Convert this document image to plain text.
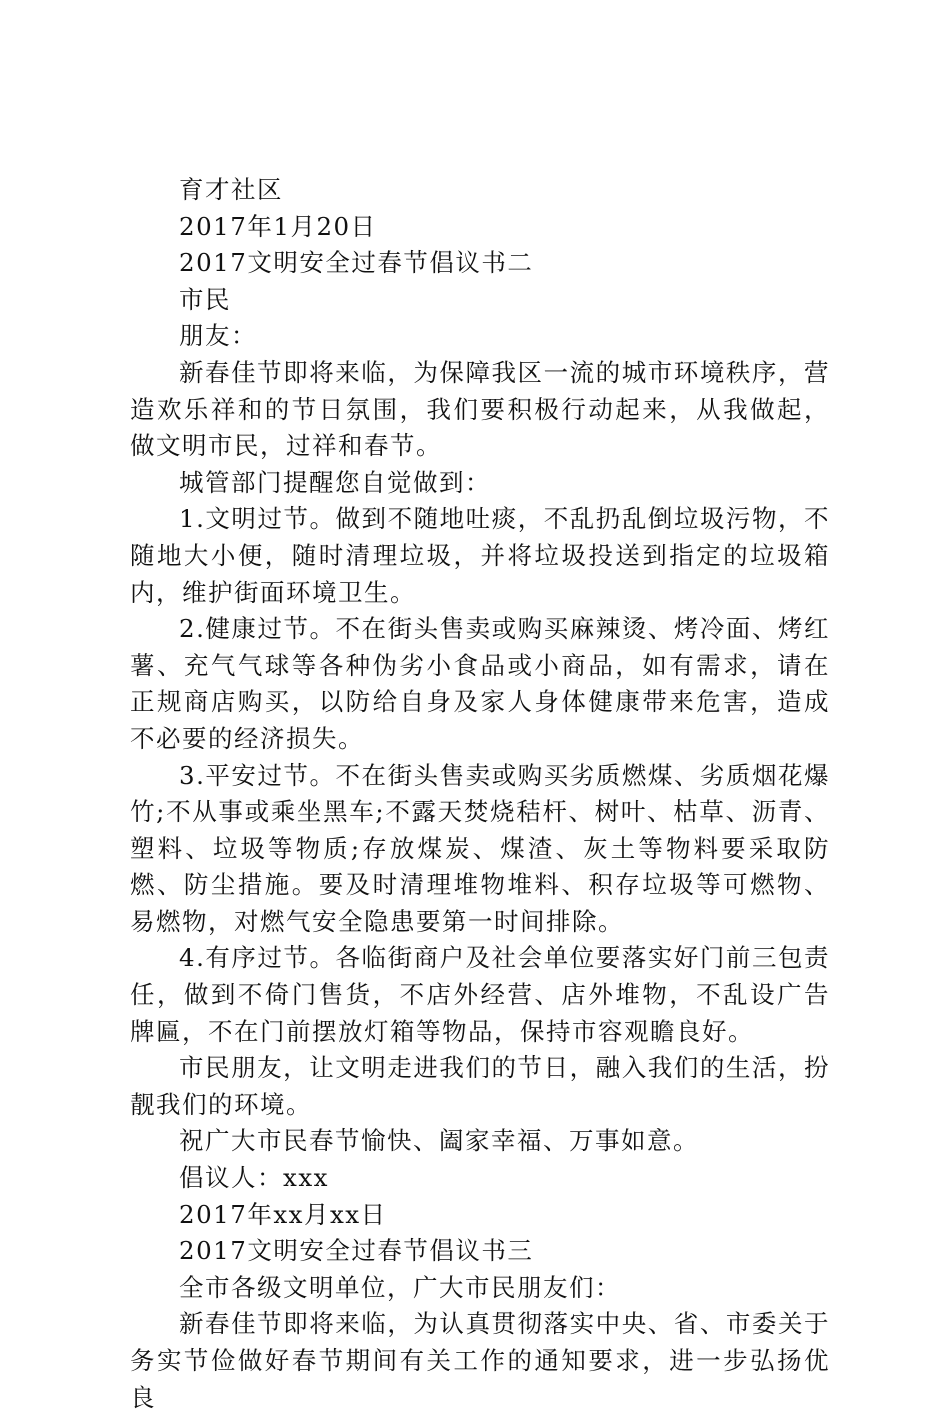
育才社区

2017年1月20日

2017文明安全过春节倡议书二

市民

朋友：

新春佳节即将来临，为保障我区一流的城市环境秩序，营造欢乐祥和的节日氛围，我们要积极行动起来，从我做起，做文明市民，过祥和春节。

城管部门提醒您自觉做到：

1.文明过节。做到不随地吐痰，不乱扔乱倒垃圾污物，不随地大小便，随时清理垃圾，并将垃圾投送到指定的垃圾箱内，维护街面环境卫生。

2.健康过节。不在街头售卖或购买麻辣烫、烤冷面、烤红薯、充气气球等各种伪劣小食品或小商品，如有需求，请在正规商店购买，以防给自身及家人身体健康带来危害，造成不必要的经济损失。

3.平安过节。不在街头售卖或购买劣质燃煤、劣质烟花爆竹;不从事或乘坐黑车;不露天焚烧秸杆、树叶、枯草、沥青、塑料、垃圾等物质;存放煤炭、煤渣、灰土等物料要采取防燃、防尘措施。要及时清理堆物堆料、积存垃圾等可燃物、易燃物，对燃气安全隐患要第一时间排除。

4.有序过节。各临街商户及社会单位要落实好门前三包责任，做到不倚门售货，不店外经营、店外堆物，不乱设广告牌匾，不在门前摆放灯箱等物品，保持市容观瞻良好。

市民朋友，让文明走进我们的节日，融入我们的生活，扮靓我们的环境。

祝广大市民春节愉快、阖家幸福、万事如意。

倡议人：xxx

2017年xx月xx日

2017文明安全过春节倡议书三

全市各级文明单位，广大市民朋友们：

新春佳节即将来临，为认真贯彻落实中央、省、市委关于务实节俭做好春节期间有关工作的通知要求，进一步弘扬优良
